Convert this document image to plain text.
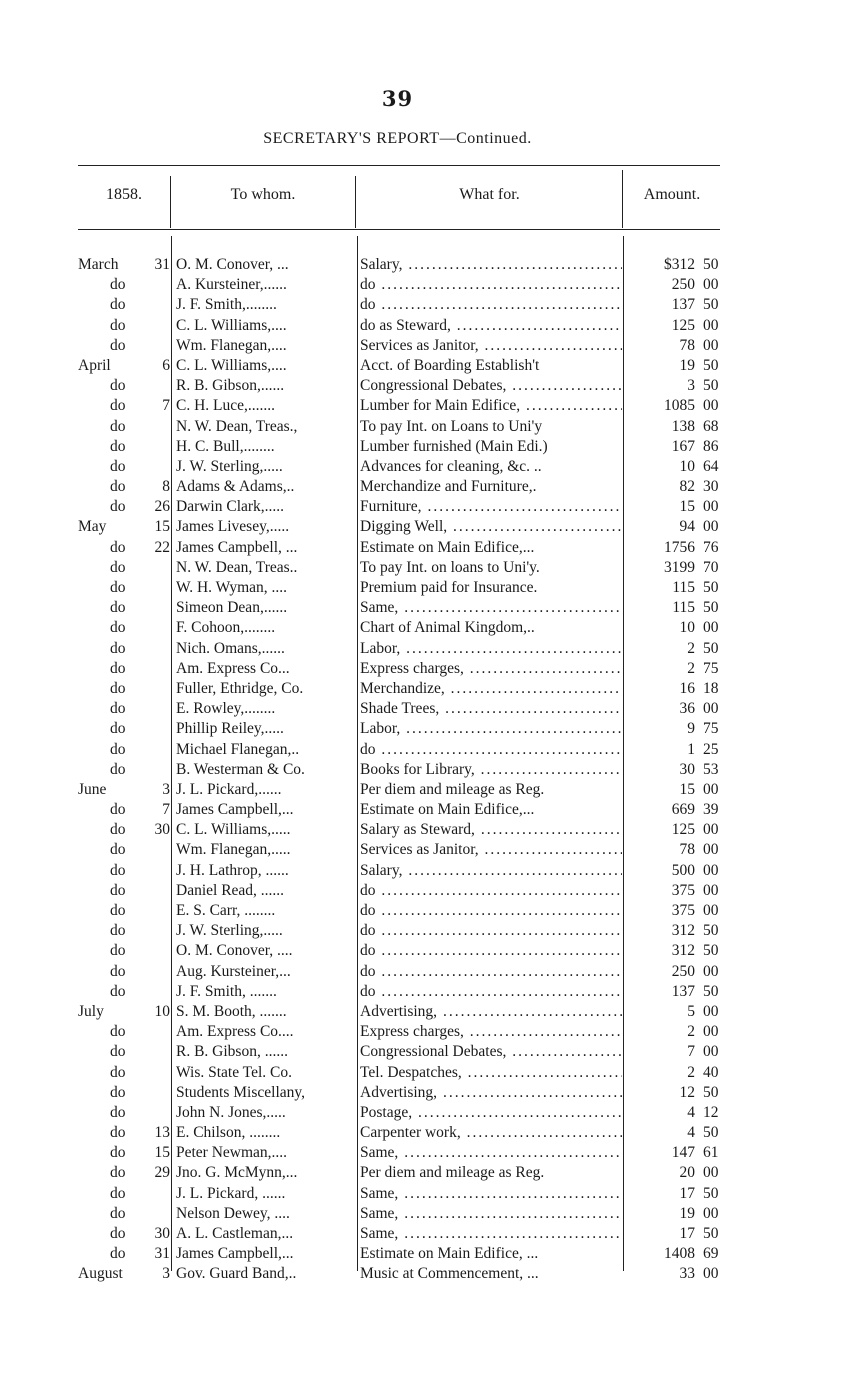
39
SECRETARY'S REPORT—Continued.
1858.	To whom.	What for.	Amount.
March	31 O. M. Conover, ...	Salary, .....	$312 50
do	A. Kursteiner,......	do .....	250 00
do	J. F. Smith,........	do .....	137 50
do	C. L. Williams,....	do as Steward, .....	125 00
do	Wm. Flanegan,....	Services as Janitor, .....	78 00
April	6 C. L. Williams,....	Acct. of Boarding Establish't	19 50
do	R. B. Gibson,......	Congressional Debates, .....	3 50
do	7 C. H. Luce,.......	Lumber for Main Edifice, .....	1085 00
do	N. W. Dean, Treas.,	To pay Int. on Loans to Uni'y	138 68
do	H. C. Bull,........	Lumber furnished (Main Edi.)	167 86
do	J. W. Sterling,.....	Advances for cleaning, &c. ..	10 64
do	8 Adams & Adams,..	Merchandize and Furniture,.	82 30
do	26 Darwin Clark,.....	Furniture, .....	15 00
May	15 James Livesey,.....	Digging Well, .....	94 00
do	22 James Campbell, ...	Estimate on Main Edifice,...	1756 76
do	N. W. Dean, Treas..	To pay Int. on loans to Uni'y.	3199 70
do	W. H. Wyman, ....	Premium paid for Insurance.	115 50
do	Simeon Dean,......	Same, .....	115 50
do	F. Cohoon,........	Chart of Animal Kingdom,..	10 00
do	Nich. Omans,......	Labor, .....	2 50
do	Am. Express Co...	Express charges, .....	2 75
do	Fuller, Ethridge, Co.	Merchandize, .....	16 18
do	E. Rowley,........	Shade Trees, .....	36 00
do	Phillip Reiley,.....	Labor, .....	9 75
do	Michael Flanegan,..	do .....	1 25
do	B. Westerman & Co.	Books for Library, .....	30 53
June	3 J. L. Pickard,......	Per diem and mileage as Reg.	15 00
do	7 James Campbell,...	Estimate on Main Edifice,...	669 39
do	30 C. L. Williams,.....	Salary as Steward, .....	125 00
do	Wm. Flanegan,.....	Services as Janitor, .....	78 00
do	J. H. Lathrop, ......	Salary, .....	500 00
do	Daniel Read, ......	do .....	375 00
do	E. S. Carr, ........	do .....	375 00
do	J. W. Sterling,.....	do .....	312 50
do	O. M. Conover, ....	do .....	312 50
do	Aug. Kursteiner,...	do .....	250 00
do	J. F. Smith, .......	do .....	137 50
July	10 S. M. Booth, .......	Advertising, .....	5 00
do	Am. Express Co....	Express charges, .....	2 00
do	R. B. Gibson, ......	Congressional Debates, .....	7 00
do	Wis. State Tel. Co.	Tel. Despatches, .....	2 40
do	Students Miscellany,	Advertising, .....	12 50
do	John N. Jones,.....	Postage, .....	4 12
do	13 E. Chilson, ........	Carpenter work, .....	4 50
do	15 Peter Newman,....	Same, .....	147 61
do	29 Jno. G. McMynn,...	Per diem and mileage as Reg.	20 00
do	J. L. Pickard, ......	Same, .....	17 50
do	Nelson Dewey, ....	Same, .....	19 00
do	30 A. L. Castleman,...	Same, .....	17 50
do	31 James Campbell,...	Estimate on Main Edifice, ...	1408 69
August	3 Gov. Guard Band,..	Music at Commencement, ...	33 00
